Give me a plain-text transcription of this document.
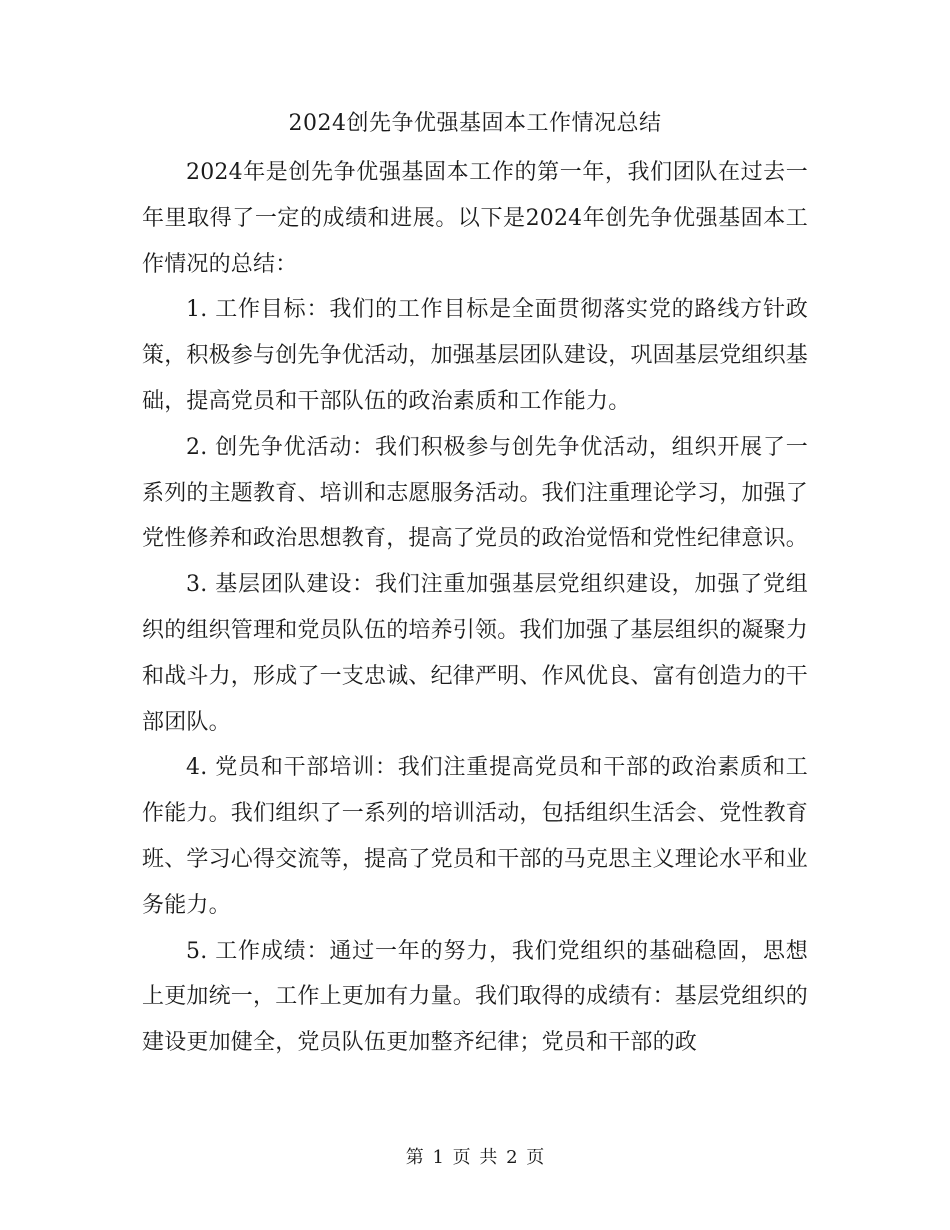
2024创先争优强基固本工作情况总结

2024年是创先争优强基固本工作的第一年，我们团队在过去一年里取得了一定的成绩和进展。以下是2024年创先争优强基固本工作情况的总结：

1. 工作目标：我们的工作目标是全面贯彻落实党的路线方针政策，积极参与创先争优活动，加强基层团队建设，巩固基层党组织基础，提高党员和干部队伍的政治素质和工作能力。

2. 创先争优活动：我们积极参与创先争优活动，组织开展了一系列的主题教育、培训和志愿服务活动。我们注重理论学习，加强了党性修养和政治思想教育，提高了党员的政治觉悟和党性纪律意识。

3. 基层团队建设：我们注重加强基层党组织建设，加强了党组织的组织管理和党员队伍的培养引领。我们加强了基层组织的凝聚力和战斗力，形成了一支忠诚、纪律严明、作风优良、富有创造力的干部团队。

4. 党员和干部培训：我们注重提高党员和干部的政治素质和工作能力。我们组织了一系列的培训活动，包括组织生活会、党性教育班、学习心得交流等，提高了党员和干部的马克思主义理论水平和业务能力。

5. 工作成绩：通过一年的努力，我们党组织的基础稳固，思想上更加统一，工作上更加有力量。我们取得的成绩有：基层党组织的建设更加健全，党员队伍更加整齐纪律；党员和干部的政

第 1 页 共 2 页
